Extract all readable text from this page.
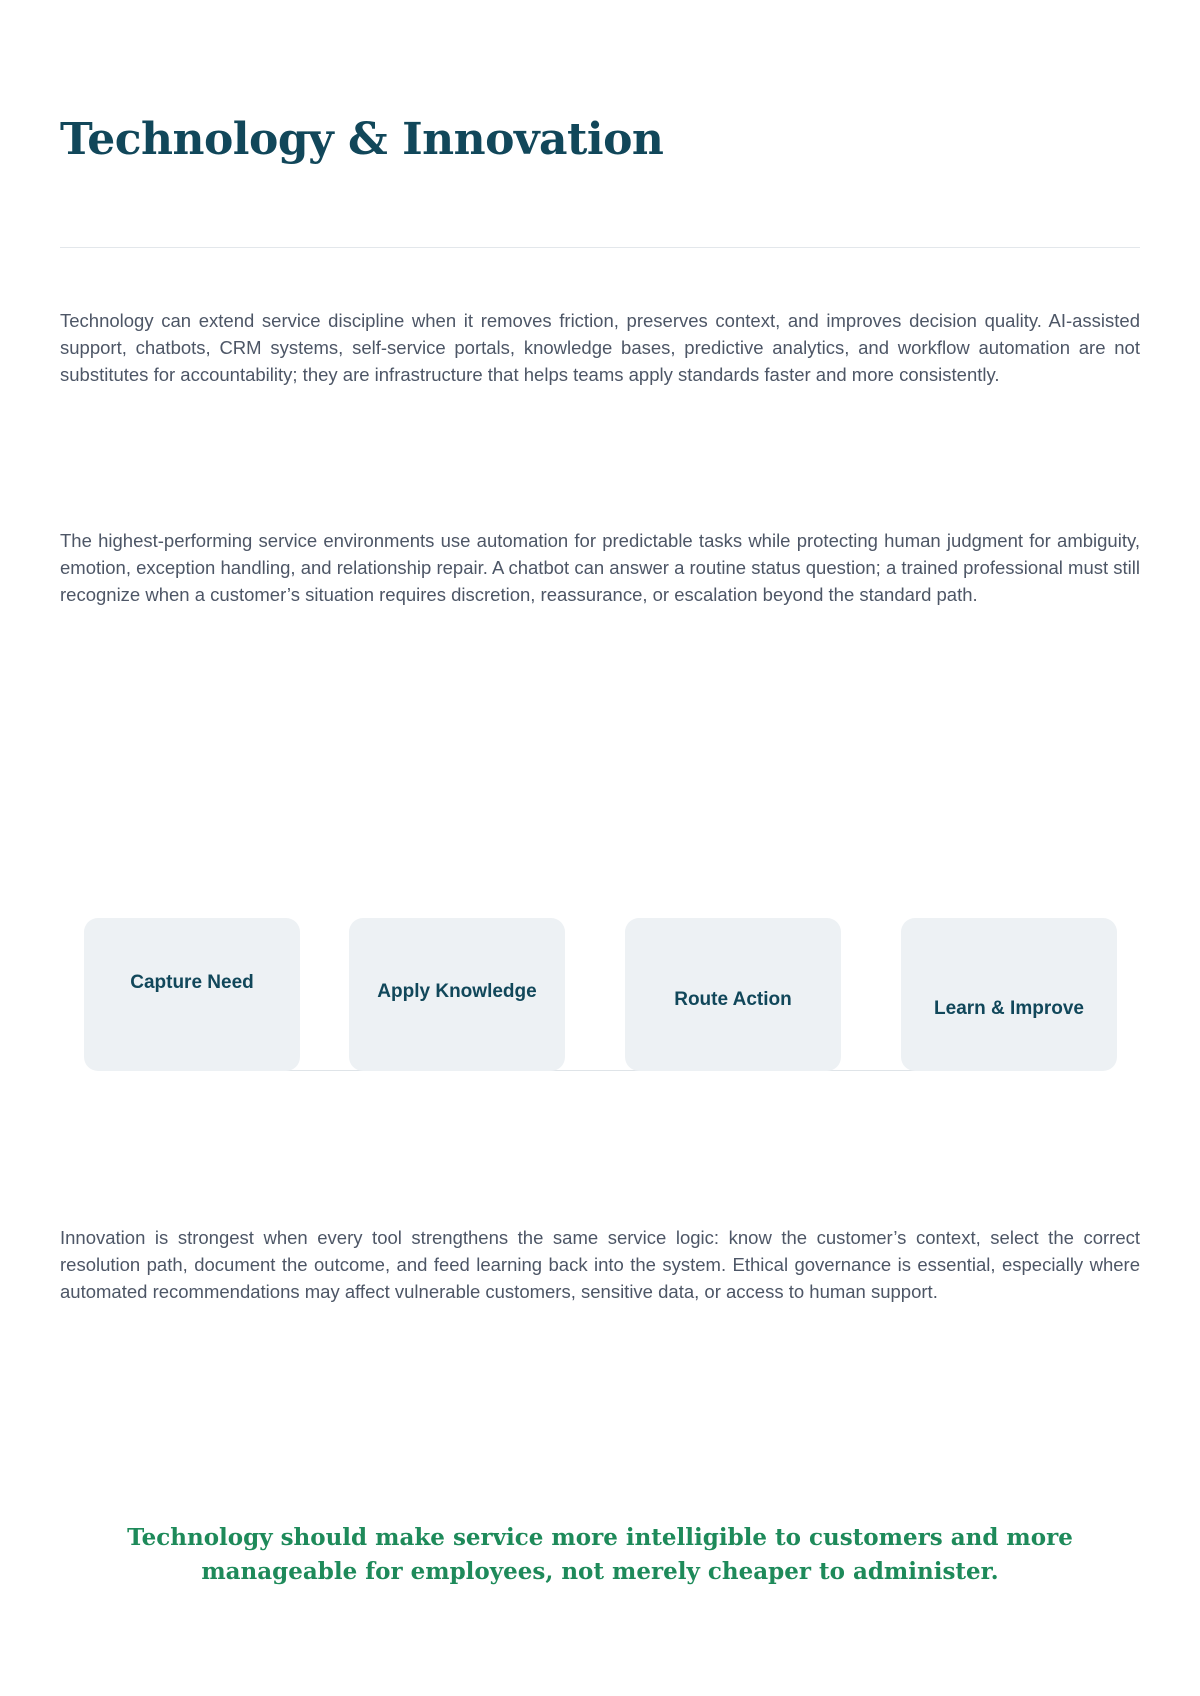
Technology & Innovation

Technology can extend service discipline when it removes friction, preserves context, and improves decision quality. AI-assisted support, chatbots, CRM systems, self-service portals, knowledge bases, predictive analytics, and workflow automation are not substitutes for accountability; they are infrastructure that helps teams apply standards faster and more consistently.

The highest-performing service environments use automation for predictable tasks while protecting human judgment for ambiguity, emotion, exception handling, and relationship repair. A chatbot can answer a routine status question; a trained professional must still recognize when a customer’s situation requires discretion, reassurance, or escalation beyond the standard path.

Capture Need	Apply Knowledge	Route Action	Learn & Improve

Innovation is strongest when every tool strengthens the same service logic: know the customer’s context, select the correct resolution path, document the outcome, and feed learning back into the system. Ethical governance is essential, especially where automated recommendations may affect vulnerable customers, sensitive data, or access to human support.

Technology should make service more intelligible to customers and more manageable for employees, not merely cheaper to administer.
